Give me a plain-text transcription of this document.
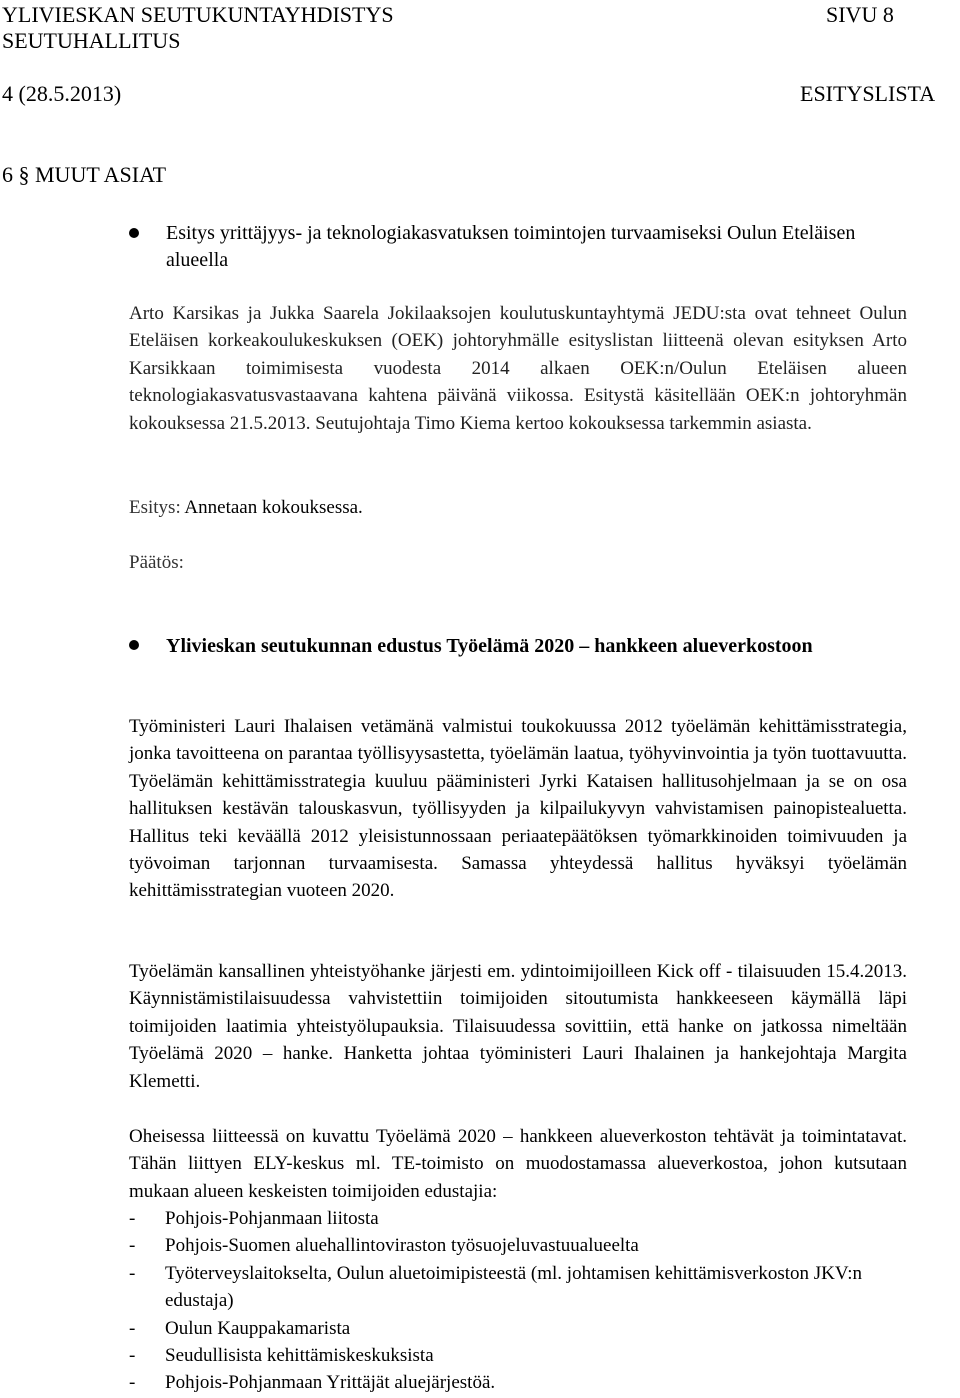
YLIVIESKAN SEUTUKUNTAYHDISTYS
SEUTUHALLITUS
4 (28.5.2013)
SIVU 8
ESITYSLISTA
6 § MUUT ASIAT
Esitys yrittäjyys- ja teknologiakasvatuksen toimintojen turvaamiseksi Oulun Eteläisen alueella
Arto Karsikas ja Jukka Saarela Jokilaaksojen koulutuskuntayhtymä JEDU:sta ovat tehneet Oulun Eteläisen korkeakoulukeskuksen (OEK) johtoryhmälle esityslistan liitteenä olevan esityksen Arto Karsikkaan toimimisesta vuodesta 2014 alkaen OEK:n/Oulun Eteläisen alueen teknologiakasvatusvastaavana kahtena päivänä viikossa. Esitystä käsitellään OEK:n johtoryhmän kokouksessa 21.5.2013. Seutujohtaja Timo Kiema kertoo kokouksessa tarkemmin asiasta.
Esitys: Annetaan kokouksessa.
Päätös:
Ylivieskan seutukunnan edustus Työelämä 2020 – hankkeen alueverkostoon
Työministeri Lauri Ihalaisen vetämänä valmistui toukokuussa 2012 työelämän kehittämisstrategia, jonka tavoitteena on parantaa työllisyysastetta, työelämän laatua, työhyvinvointia ja työn tuottavuutta. Työelämän kehittämisstrategia kuuluu pääministeri Jyrki Kataisen hallitusohjelmaan ja se on osa hallituksen kestävän talouskasvun, työllisyyden ja kilpailukyvyn vahvistamisen painopistealuetta. Hallitus teki keväällä 2012 yleisistunnossaan periaatepäätöksen työmarkkinoiden toimivuuden ja työvoiman tarjonnan turvaamisesta. Samassa yhteydessä hallitus hyväksyi työelämän kehittämisstrategian vuoteen 2020.
Työelämän kansallinen yhteistyöhanke järjesti em. ydintoimijoilleen Kick off - tilaisuuden 15.4.2013. Käynnistämistilaisuudessa vahvistettiin toimijoiden sitoutumista hankkeeseen käymällä läpi toimijoiden laatimia yhteistyölupauksia. Tilaisuudessa sovittiin, että hanke on jatkossa nimeltään Työelämä 2020 – hanke. Hanketta johtaa työministeri Lauri Ihalainen ja hankejohtaja Margita Klemetti.
Oheisessa liitteessä on kuvattu Työelämä 2020 – hankkeen alueverkoston tehtävät ja toimintatavat. Tähän liittyen ELY-keskus ml. TE-toimisto on muodostamassa alueverkostoa, johon kutsutaan mukaan alueen keskeisten toimijoiden edustajia:
- Pohjois-Pohjanmaan liitosta
- Pohjois-Suomen aluehallintoviraston työsuojeluvastuualueelta
- Työterveyslaitokselta, Oulun aluetoimipisteestä (ml. johtamisen kehittämisverkoston JKV:n edustaja)
- Oulun Kauppakamarista
- Seudullisista kehittämiskeskuksista
- Pohjois-Pohjanmaan Yrittäjät aluejärjestöä.
